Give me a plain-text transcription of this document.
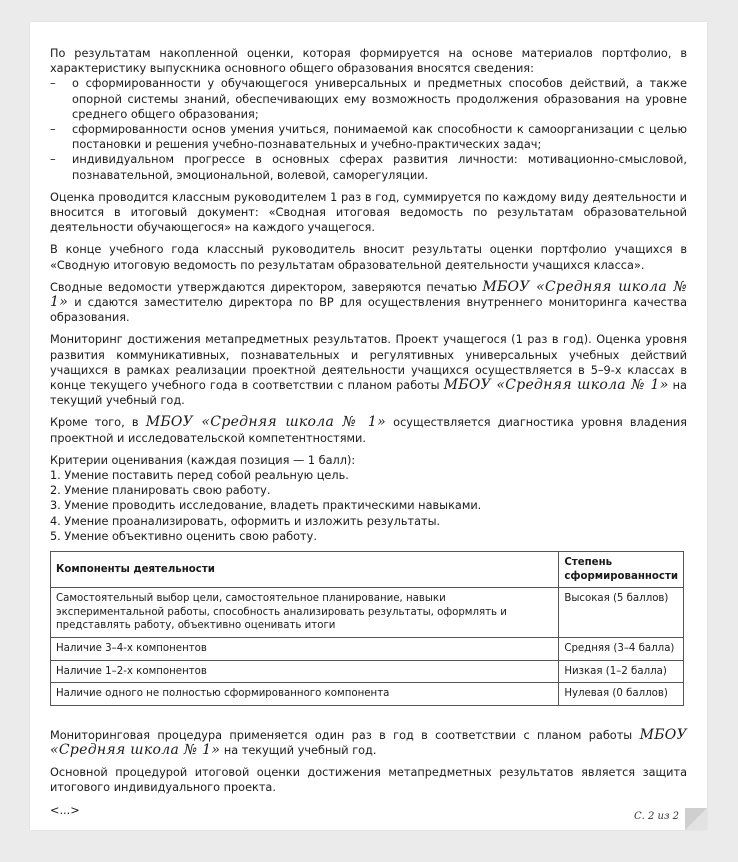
По результатам накопленной оценки, которая формируется на основе материалов портфолио, в характеристику выпускника основного общего образования вносятся сведения:

– о сформированности у обучающегося универсальных и предметных способов действий, а также опорной системы знаний, обеспечивающих ему возможность продолжения образования на уровне среднего общего образования;
– сформированности основ умения учиться, понимаемой как способности к самоорганизации с целью постановки и решения учебно-познавательных и учебно-практических задач;
– индивидуальном прогрессе в основных сферах развития личности: мотивационно-смысловой, познавательной, эмоциональной, волевой, саморегуляции.

Оценка проводится классным руководителем 1 раз в год, суммируется по каждому виду деятельности и вносится в итоговый документ: «Сводная итоговая ведомость по результатам образовательной деятельности обучающегося» на каждого учащегося.

В конце учебного года классный руководитель вносит результаты оценки портфолио учащихся в «Сводную итоговую ведомость по результатам образовательной деятельности учащихся класса».

Сводные ведомости утверждаются директором, заверяются печатью МБОУ «Средняя школа № 1» и сдаются заместителю директора по ВР для осуществления внутреннего мониторинга качества образования.

Мониторинг достижения метапредметных результатов. Проект учащегося (1 раз в год). Оценка уровня развития коммуникативных, познавательных и регулятивных универсальных учебных действий учащихся в рамках реализации проектной деятельности учащихся осуществляется в 5–9-х классах в конце текущего учебного года в соответствии с планом работы МБОУ «Средняя школа № 1» на текущий учебный год.

Кроме того, в МБОУ «Средняя школа № 1» осуществляется диагностика уровня владения проектной и исследовательской компетентностями.

Критерии оценивания (каждая позиция — 1 балл):
1. Умение поставить перед собой реальную цель.
2. Умение планировать свою работу.
3. Умение проводить исследование, владеть практическими навыками.
4. Умение проанализировать, оформить и изложить результаты.
5. Умение объективно оценить свою работу.
Компоненты деятельности	Степень сформированности
Самостоятельный выбор цели, самостоятельное планирование, навыки экспериментальной работы, способность анализировать результаты, оформлять и представлять работу, объективно оценивать итоги	Высокая (5 баллов)
Наличие 3–4-х компонентов	Средняя (3–4 балла)
Наличие 1–2-х компонентов	Низкая (1–2 балла)
Наличие одного не полностью сформированного компонента	Нулевая (0 баллов)

Мониторинговая процедура применяется один раз в год в соответствии с планом работы МБОУ «Средняя школа № 1» на текущий учебный год.

Основной процедурой итоговой оценки достижения метапредметных результатов является защита итогового индивидуального проекта.

<...>	С. 2 из 2
